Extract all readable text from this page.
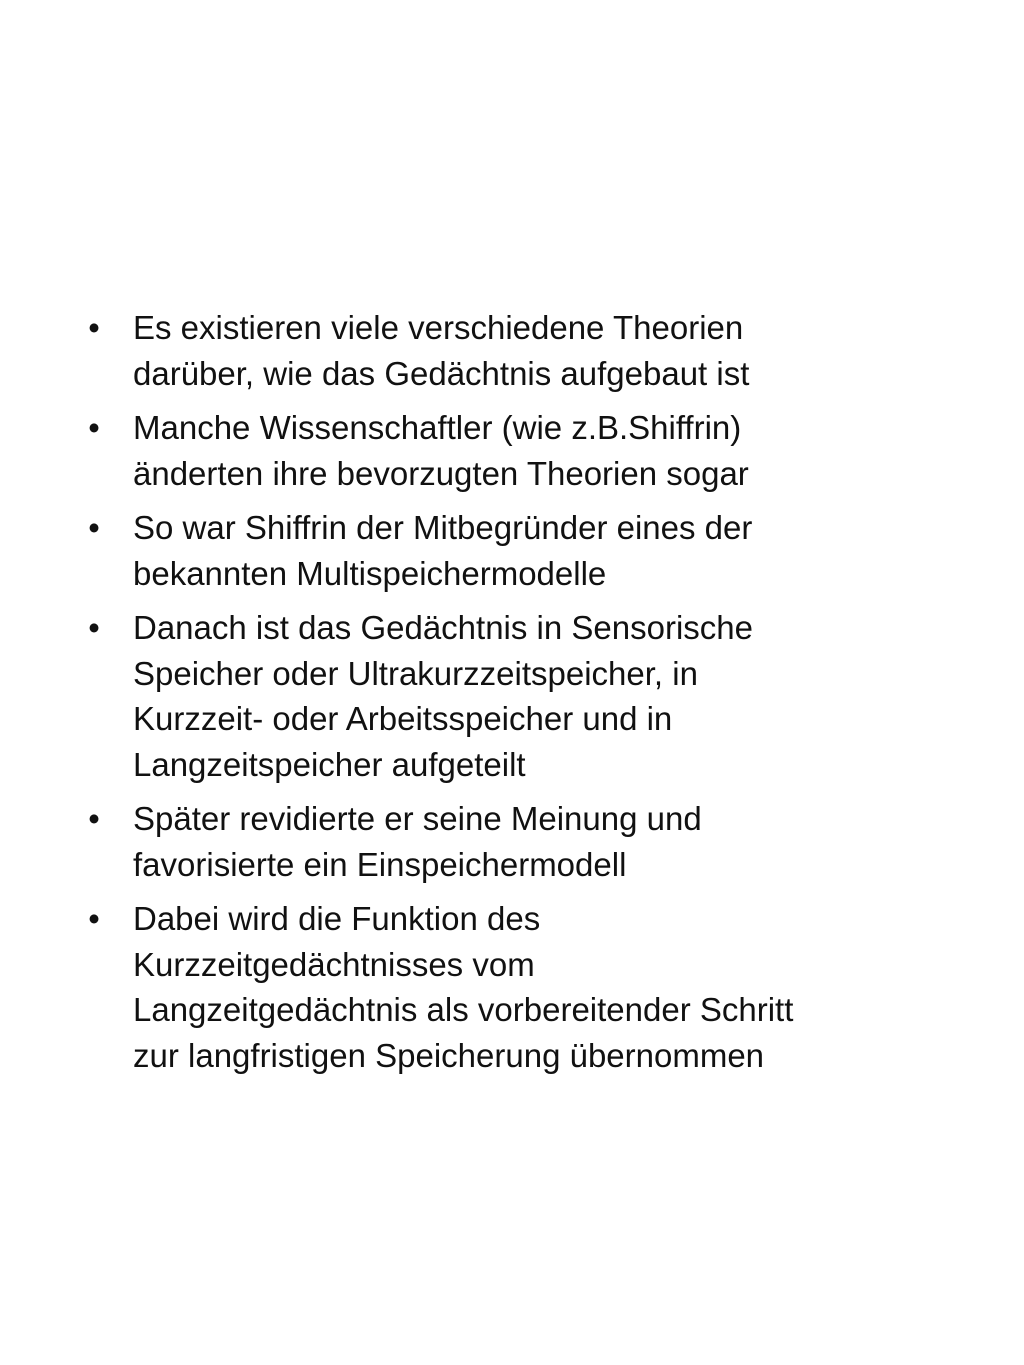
• Es existieren viele verschiedene Theorien
darüber, wie das Gedächtnis aufgebaut ist
• Manche Wissenschaftler (wie z.B.Shiffrin)
änderten ihre bevorzugten Theorien sogar
• So war Shiffrin der Mitbegründer eines der
bekannten Multispeichermodelle
• Danach ist das Gedächtnis in Sensorische
Speicher oder Ultrakurzzeitspeicher, in
Kurzzeit- oder Arbeitsspeicher und in
Langzeitspeicher aufgeteilt
• Später revidierte er seine Meinung und
favorisierte ein Einspeichermodell
• Dabei wird die Funktion des
Kurzzeitgedächtnisses vom
Langzeitgedächtnis als vorbereitender Schritt
zur langfristigen Speicherung übernommen
